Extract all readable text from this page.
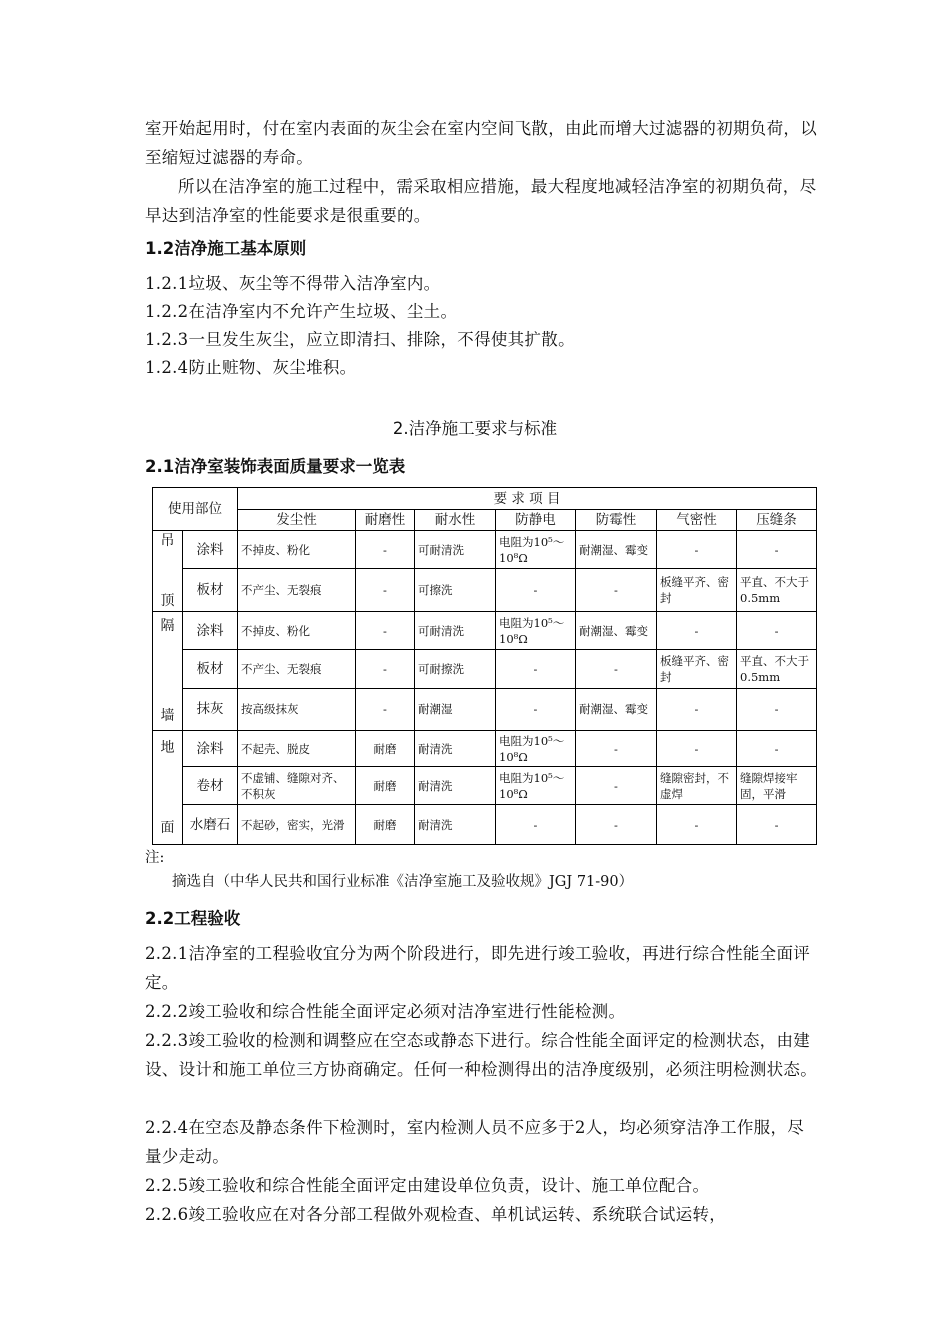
室开始起用时，付在室内表面的灰尘会在室内空间飞散，由此而增大过滤器的初期负荷，以至缩短过滤器的寿命。

所以在洁净室的施工过程中，需采取相应措施，最大程度地减轻洁净室的初期负荷，尽早达到洁净室的性能要求是很重要的。

1.2洁净施工基本原则

1.2.1垃圾、灰尘等不得带入洁净室内。

1.2.2在洁净室内不允许产生垃圾、尘土。

1.2.3一旦发生灰尘，应立即清扫、排除，不得使其扩散。

1.2.4防止赃物、灰尘堆积。

2.洁净施工要求与标准

2.1洁净室装饰表面质量要求一览表

使用部位		要 求 项 目						
		发尘性	耐磨性	耐水性	防静电	防霉性	气密性	压缝条

吊
顶	涂料	不掉皮、粉化	-	可耐清洗	电阻为10⁵～10⁸Ω	耐潮湿、霉变	-	-
	板材	不产尘、无裂痕	-	可擦洗	-	-	板缝平齐、密封	平直、不大于0.5mm

隔
墙	涂料	不掉皮、粉化	-	可耐清洗	电阻为10⁵～10⁸Ω	耐潮湿、霉变	-	-
	板材	不产尘、无裂痕	-	可耐擦洗	-	-	板缝平齐、密封	平直、不大于0.5mm
	抹灰	按高级抹灰	-	耐潮湿	-	耐潮湿、霉变	-	-

地
面	涂料	不起壳、脱皮	耐磨	耐清洗	电阻为10⁵～10⁸Ω	-	-	-
	卷材	不虚铺、缝隙对齐、不积灰	耐磨	耐清洗	电阻为10⁵～10⁸Ω	-	缝隙密封，不虚焊	缝隙焊接牢固，平滑
	水磨石	不起砂，密实，光滑	耐磨	耐清洗	-	-	-	-

注:

摘选自（中华人民共和国行业标准《洁净室施工及验收规》JGJ 71-90）

2.2工程验收

2.2.1洁净室的工程验收宜分为两个阶段进行，即先进行竣工验收，再进行综合性能全面评定。

2.2.2竣工验收和综合性能全面评定必须对洁净室进行性能检测。

2.2.3竣工验收的检测和调整应在空态或静态下进行。综合性能全面评定的检测状态，由建设、设计和施工单位三方协商确定。任何一种检测得出的洁净度级别，必须注明检测状态。

2.2.4在空态及静态条件下检测时，室内检测人员不应多于2人，均必须穿洁净工作服，尽量少走动。

2.2.5竣工验收和综合性能全面评定由建设单位负责，设计、施工单位配合。

2.2.6竣工验收应在对各分部工程做外观检查、单机试运转、系统联合试运转，
